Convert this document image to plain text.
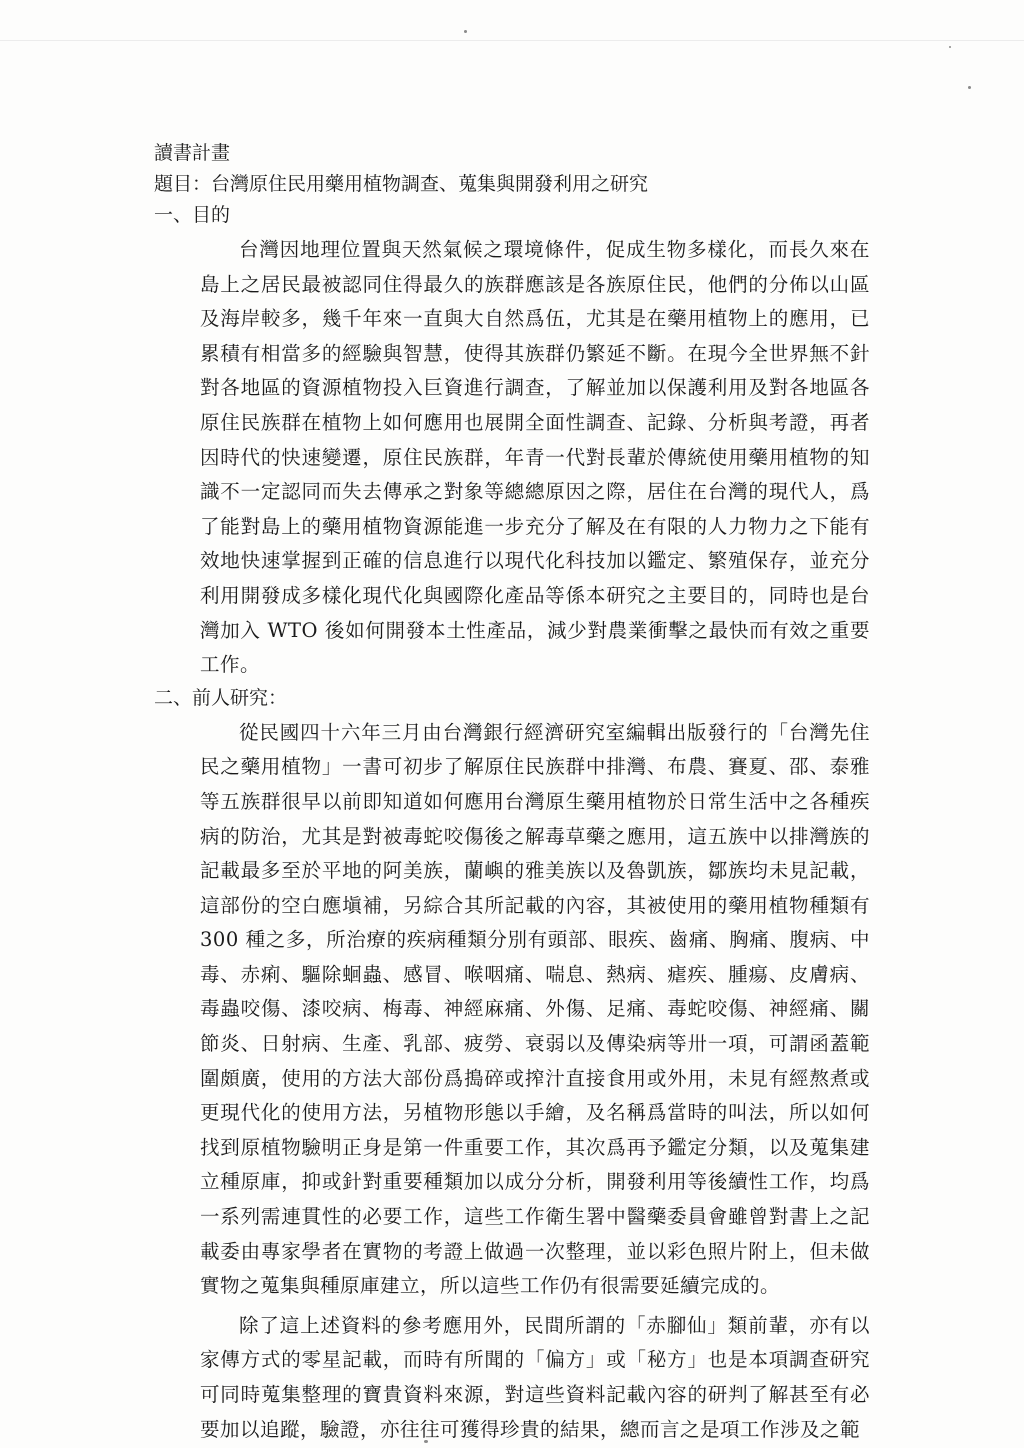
讀書計畫
題目：台灣原住民用藥用植物調查、蒐集與開發利用之研究
一、目的

台灣因地理位置與天然氣候之環境條件，促成生物多樣化，而長久來在島上之居民最被認同住得最久的族群應該是各族原住民，他們的分佈以山區及海岸較多，幾千年來一直與大自然爲伍，尤其是在藥用植物上的應用，已累積有相當多的經驗與智慧，使得其族群仍繁延不斷。在現今全世界無不針對各地區的資源植物投入巨資進行調查，了解並加以保護利用及對各地區各原住民族群在植物上如何應用也展開全面性調查、記錄、分析與考證，再者因時代的快速變遷，原住民族群，年青一代對長輩於傳統使用藥用植物的知識不一定認同而失去傳承之對象等總總原因之際，居住在台灣的現代人，爲了能對島上的藥用植物資源能進一步充分了解及在有限的人力物力之下能有效地快速掌握到正確的信息進行以現代化科技加以鑑定、繁殖保存，並充分利用開發成多樣化現代化與國際化產品等係本研究之主要目的，同時也是台灣加入 WTO 後如何開發本土性產品，減少對農業衝擊之最快而有效之重要工作。

二、前人研究：

從民國四十六年三月由台灣銀行經濟研究室編輯出版發行的「台灣先住民之藥用植物」一書可初步了解原住民族群中排灣、布農、賽夏、邵、泰雅等五族群很早以前即知道如何應用台灣原生藥用植物於日常生活中之各種疾病的防治，尤其是對被毒蛇咬傷後之解毒草藥之應用，這五族中以排灣族的記載最多至於平地的阿美族，蘭嶼的雅美族以及魯凱族，鄒族均未見記載，這部份的空白應塡補，另綜合其所記載的內容，其被使用的藥用植物種類有 300 種之多，所治療的疾病種類分別有頭部、眼疾、齒痛、胸痛、腹病、中毒、赤痢、驅除蛔蟲、感冒、喉咽痛、喘息、熱病、瘧疾、腫瘍、皮膚病、毒蟲咬傷、漆咬病、梅毒、神經麻痛、外傷、足痛、毒蛇咬傷、神經痛、關節炎、日射病、生產、乳部、疲勞、衰弱以及傳染病等卅一項，可謂函蓋範圍頗廣，使用的方法大部份爲搗碎或搾汁直接食用或外用，未見有經熬煮或更現代化的使用方法，另植物形態以手繪，及名稱爲當時的叫法，所以如何找到原植物驗明正身是第一件重要工作，其次爲再予鑑定分類，以及蒐集建立種原庫，抑或針對重要種類加以成分分析，開發利用等後續性工作，均爲一系列需連貫性的必要工作，這些工作衛生署中醫藥委員會雖曾對書上之記載委由專家學者在實物的考證上做過一次整理，並以彩色照片附上，但未做實物之蒐集與種原庫建立，所以這些工作仍有很需要延續完成的。

除了這上述資料的參考應用外，民間所謂的「赤腳仙」類前輩，亦有以家傳方式的零星記載，而時有所聞的「偏方」或「秘方」也是本項調查研究可同時蒐集整理的寶貴資料來源，對這些資料記載內容的研判了解甚至有必要加以追蹤，驗證，亦往往可獲得珍貴的結果，總而言之是項工作涉及之範
